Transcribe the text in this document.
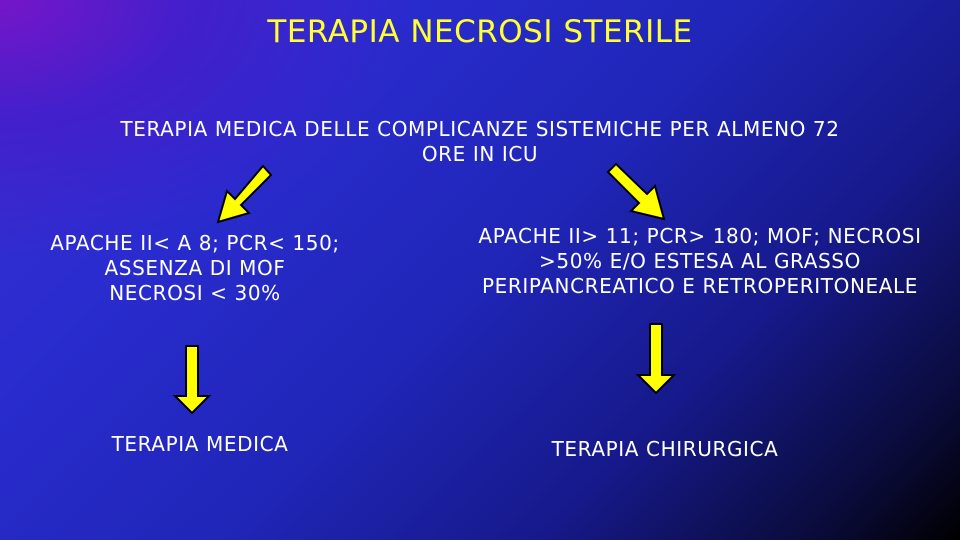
TERAPIA NECROSI STERILE
TERAPIA MEDICA DELLE COMPLICANZE SISTEMICHE PER ALMENO 72 ORE IN ICU
APACHE II< A 8; PCR< 150;
ASSENZA DI MOF
NECROSI < 30%
APACHE II> 11; PCR> 180; MOF; NECROSI
>50% E/O ESTESA AL GRASSO
PERIPANCREATICO E RETROPERITONEALE
TERAPIA MEDICA	TERAPIA CHIRURGICA
